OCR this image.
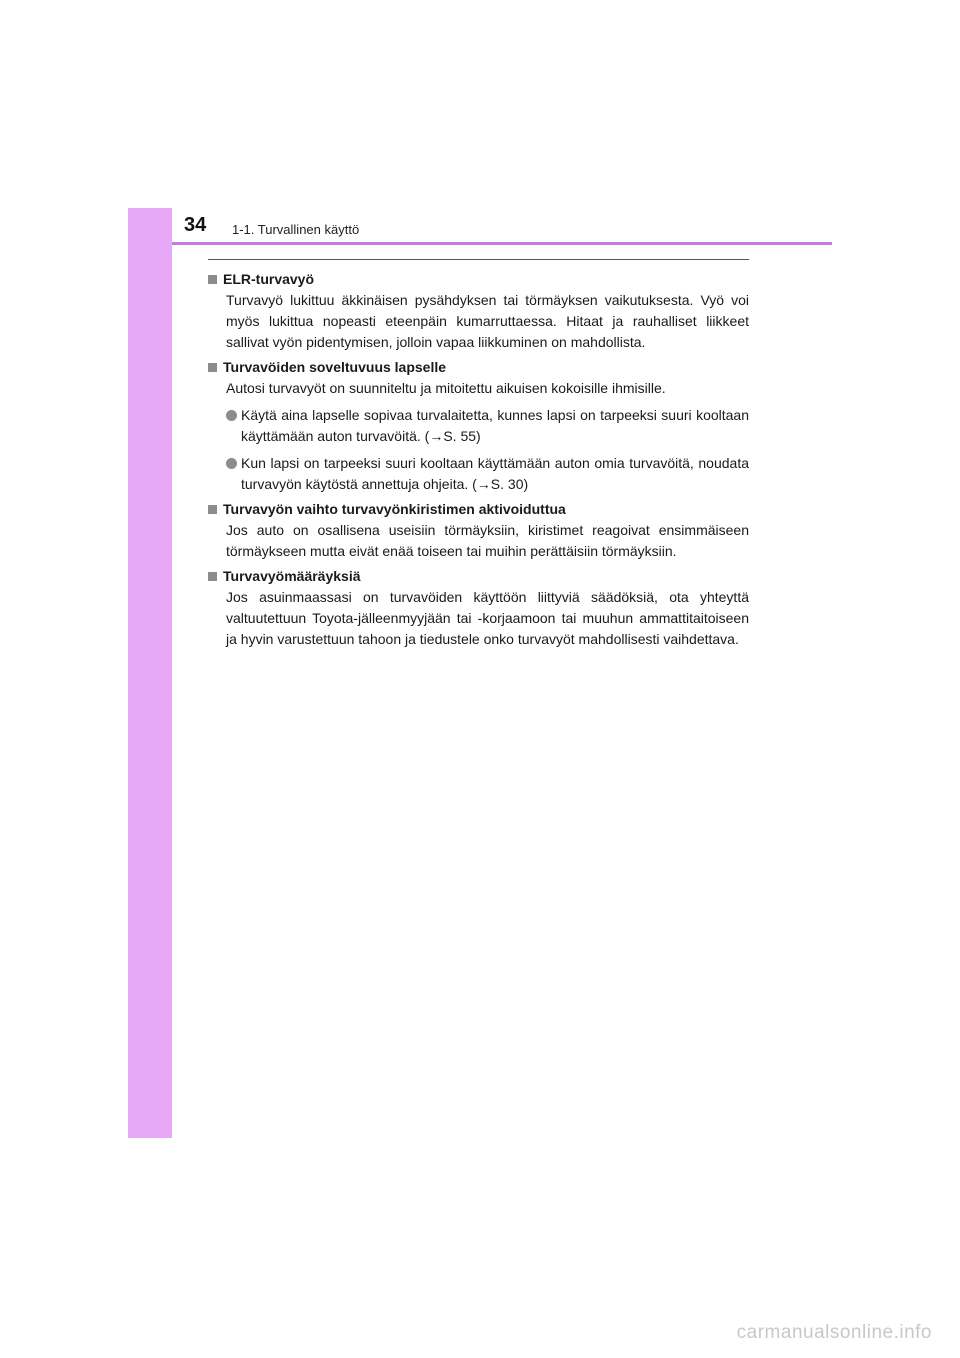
34 1-1. Turvallinen käyttö
ELR-turvavyö

Turvavyö lukittuu äkkinäisen pysähdyksen tai törmäyksen vaikutuksesta. Vyö voi myös lukittua nopeasti eteenpäin kumarruttaessa. Hitaat ja rauhalliset liikkeet sallivat vyön pidentymisen, jolloin vapaa liikkuminen on mahdollista.

Turvavöiden soveltuvuus lapselle

Autosi turvavyöt on suunniteltu ja mitoitettu aikuisen kokoisille ihmisille.

Käytä aina lapselle sopivaa turvalaitetta, kunnes lapsi on tarpeeksi suuri kooltaan käyttämään auton turvavöitä. (→S. 55)
Kun lapsi on tarpeeksi suuri kooltaan käyttämään auton omia turvavöitä, noudata turvavyön käytöstä annettuja ohjeita. (→S. 30)
Turvavyön vaihto turvavyönkiristimen aktivoiduttua

Jos auto on osallisena useisiin törmäyksiin, kiristimet reagoivat ensimmäiseen törmäykseen mutta eivät enää toiseen tai muihin perättäisiin törmäyksiin.

Turvavyömääräyksiä

Jos asuinmaassasi on turvavöiden käyttöön liittyviä säädöksiä, ota yhteyttä valtuutettuun Toyota-jälleenmyyjään tai -korjaamoon tai muuhun ammattitaitoiseen ja hyvin varustettuun tahoon ja tiedustele onko turvavyöt mahdollisesti vaihdettava.

carmanualsonline.info
